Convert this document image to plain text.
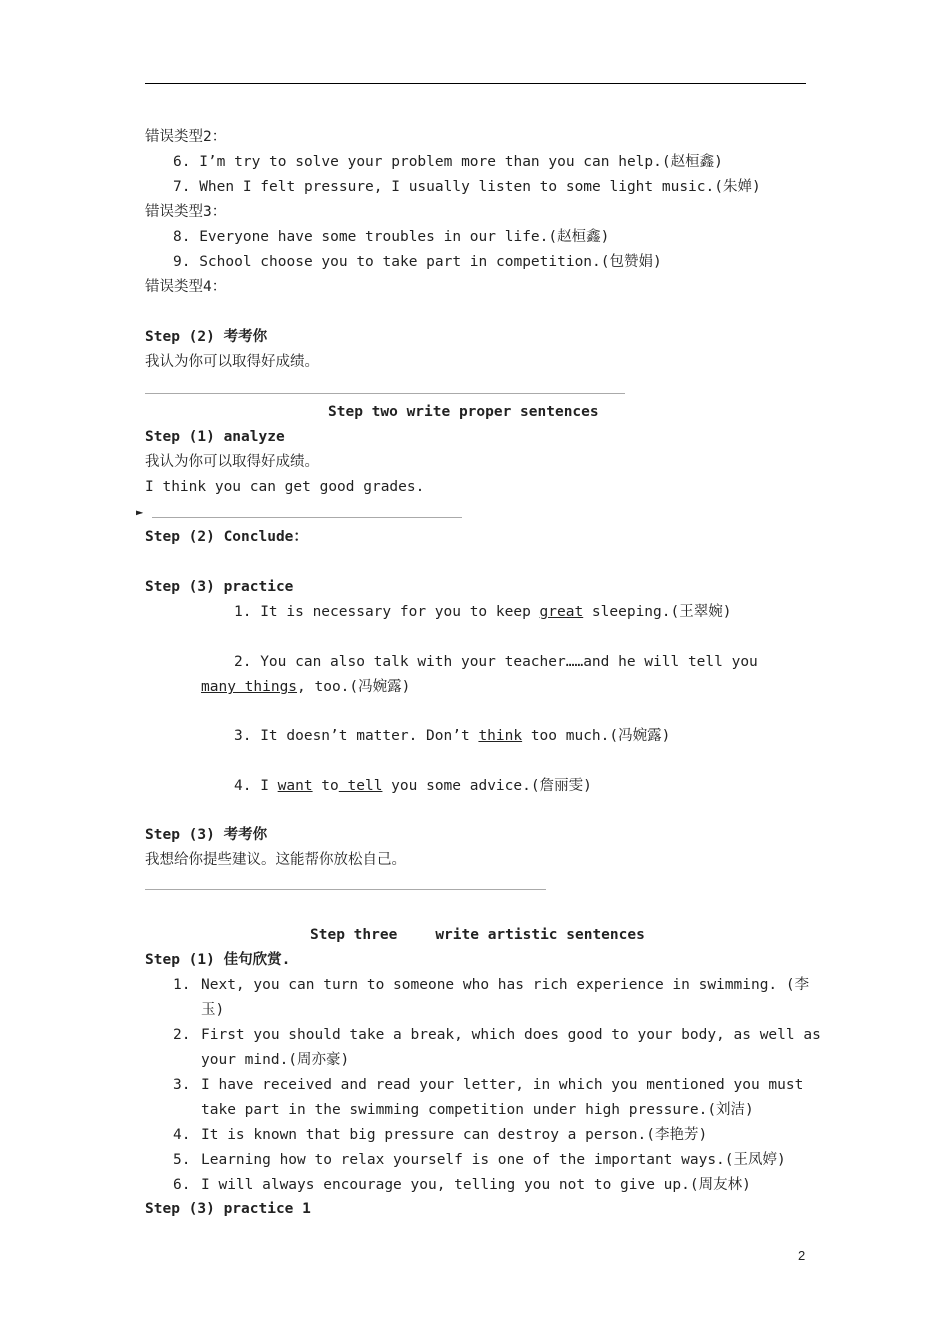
错误类型2：
6. I’m try to solve your problem more than you can help.(赵桓鑫)
7. When I felt pressure, I usually listen to some light music.(朱婵)
错误类型3：
8. Everyone have some troubles in our life.(赵桓鑫)
9. School choose you to take part in competition.(包赞娟)
错误类型4：
Step (2) 考考你
我认为你可以取得好成绩。
Step two write proper sentences
Step (1) analyze
我认为你可以取得好成绩。
I think you can get good grades.
►
Step (2) Conclude：
Step (3) practice
1. It is necessary for you to keep great sleeping.(王翠婉)
2. You can also talk with your teacher……and he will tell you
many things, too.(冯婉露)
3. It doesn’t matter. Don’t think too much.(冯婉露)
4. I want to tell you some advice.(詹丽雯)
Step (3) 考考你
我想给你提些建议。这能帮你放松自己。
Step three	write artistic sentences
Step (1) 佳句欣赏.
1. Next, you can turn to someone who has rich experience in swimming. (李
玉)
2. First you should take a break, which does good to your body, as well as
your mind.(周亦豪)
3. I have received and read your letter, in which you mentioned you must
take part in the swimming competition under high pressure.(刘洁)
4. It is known that big pressure can destroy a person.(李艳芳)
5. Learning how to relax yourself is one of the important ways.(王凤婷)
6. I will always encourage you, telling you not to give up.(周友林)
Step (3) practice 1
2
